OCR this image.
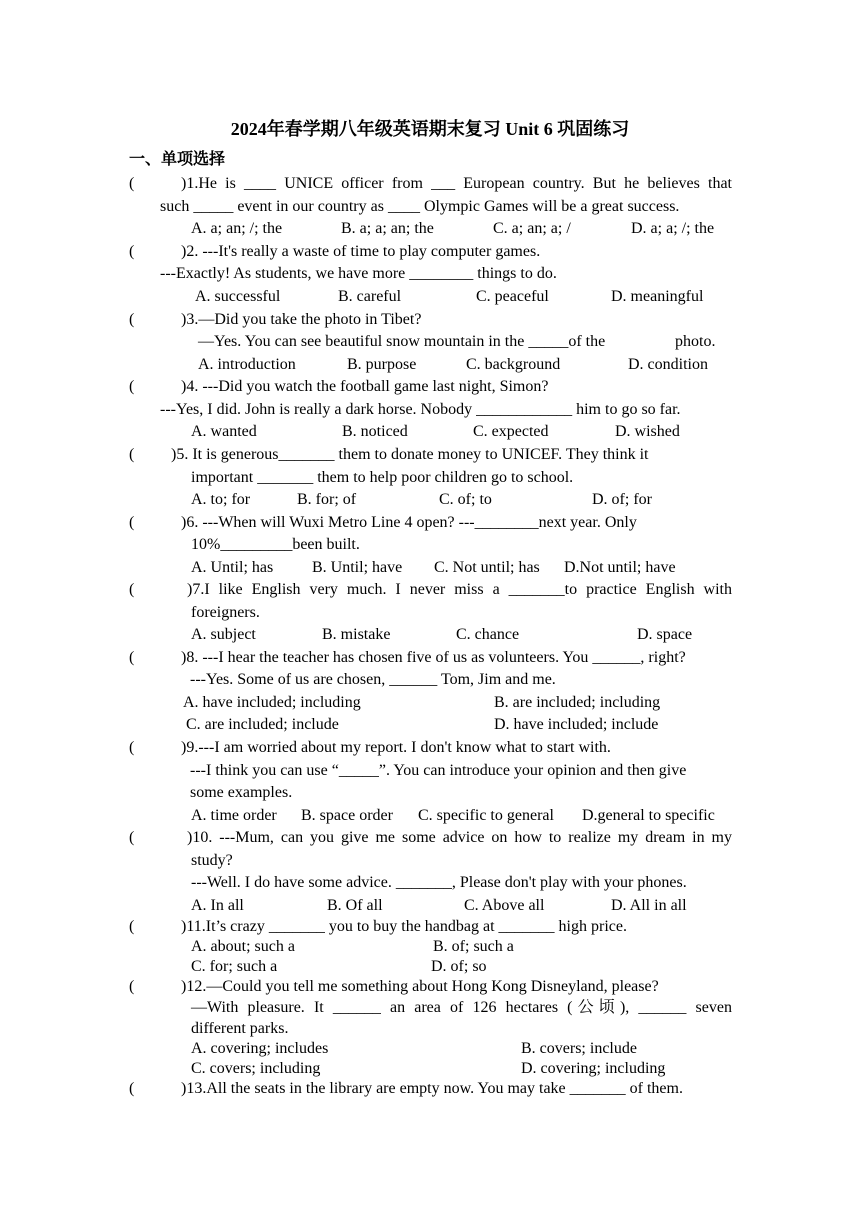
2024年春学期八年级英语期末复习 Unit 6 巩固练习
一、单项选择
(	)1.He is ____ UNICE officer from ___ European country. But he believes that
such _____ event in our country as ____ Olympic Games will be a great success.
A. a; an; /; the	B. a; a; an; the	C. a; an; a; /	D. a; a; /; the
(	)2. ---It's really a waste of time to play computer games.
---Exactly! As students, we have more ________ things to do.
A. successful	B. careful	C. peaceful	D. meaningful
(	)3.—Did you take the photo in Tibet?
—Yes. You can see beautiful snow mountain in the _____of the	photo.
A. introduction	B. purpose	C. background	D. condition
(	)4. ---Did you watch the football game last night, Simon?
---Yes, I did. John is really a dark horse. Nobody ____________ him to go so far.
A. wanted	B. noticed	C. expected	D. wished
( )5. It is generous_______ them to donate money to UNICEF. They think it
important _______ them to help poor children go to school.
A. to; for	B. for; of	C. of; to	D. of; for
(	)6. ---When will Wuxi Metro Line 4 open? ---________next year. Only
10%_________been built.
A. Until; has B. Until; have C. Not until; has D.Not until; have
(	)7.I like English very much. I never miss a _______to practice English with
foreigners.
A. subject	B. mistake	C. chance	D. space
(	)8. ---I hear the teacher has chosen five of us as volunteers. You ______, right?
---Yes. Some of us are chosen, ______ Tom, Jim and me.
A. have included; including	B. are included; including
C. are included; include	D. have included; include
(	)9.---I am worried about my report. I don't know what to start with.
---I think you can use “_____”. You can introduce your opinion and then give
some examples.
A. time order B. space order C. specific to general D.general to specific
(	)10. ---Mum, can you give me some advice on how to realize my dream in my
study?
---Well. I do have some advice. _______, Please don't play with your phones.
A. In all	B. Of all	C. Above all	D. All in all
(	)11.It’s crazy _______ you to buy the handbag at _______ high price.
A. about; such a	B. of; such a
C. for; such a	D. of; so
(	)12.—Could you tell me something about Hong Kong Disneyland, please?
—With pleasure. It ______ an area of 126 hectares (公顷), ______ seven
different parks.
A. covering; includes	B. covers; include
C. covers; including	D. covering; including
(	)13.All the seats in the library are empty now. You may take _______ of them.
